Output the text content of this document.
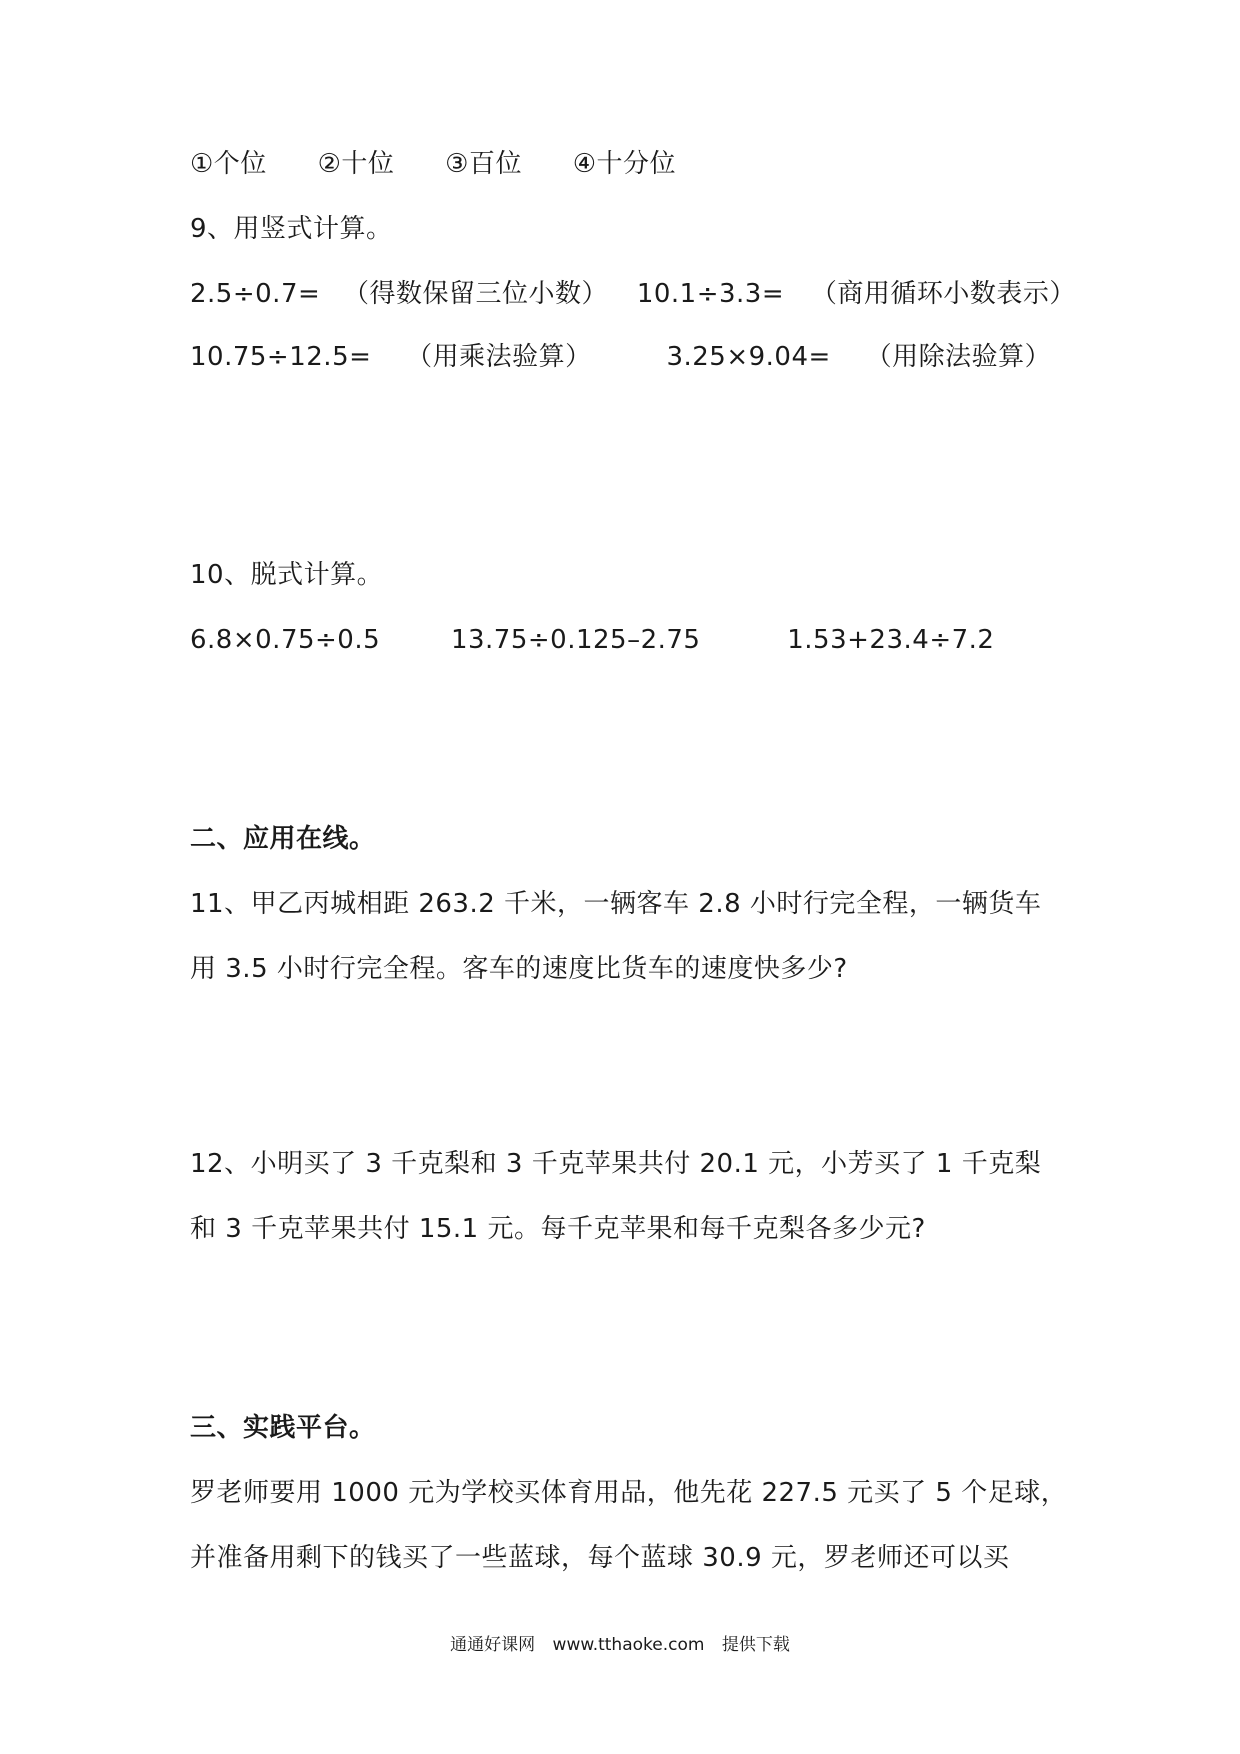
①个位 ②十位 ③百位 ④十分位
9、用竖式计算。
2.5÷0.7= （得数保留三位小数） 10.1÷3.3= （商用循环小数表示）
10.75÷12.5= （用乘法验算）	3.25×9.04= （用除法验算）
10、脱式计算。
6.8×0.75÷0.5	13.75÷0.125–2.75	1.53+23.4÷7.2
二、应用在线。
11、甲乙丙城相距 263.2 千米，一辆客车 2.8 小时行完全程，一辆货车
用 3.5 小时行完全程。客车的速度比货车的速度快多少?
12、小明买了 3 千克梨和 3 千克苹果共付 20.1 元，小芳买了 1 千克梨
和 3 千克苹果共付 15.1 元。每千克苹果和每千克梨各多少元?
三、实践平台。
罗老师要用 1000 元为学校买体育用品，他先花 227.5 元买了 5 个足球，
并准备用剩下的钱买了一些蓝球，每个蓝球 30.9 元，罗老师还可以买
通通好课网 www.tthaoke.com 提供下载
